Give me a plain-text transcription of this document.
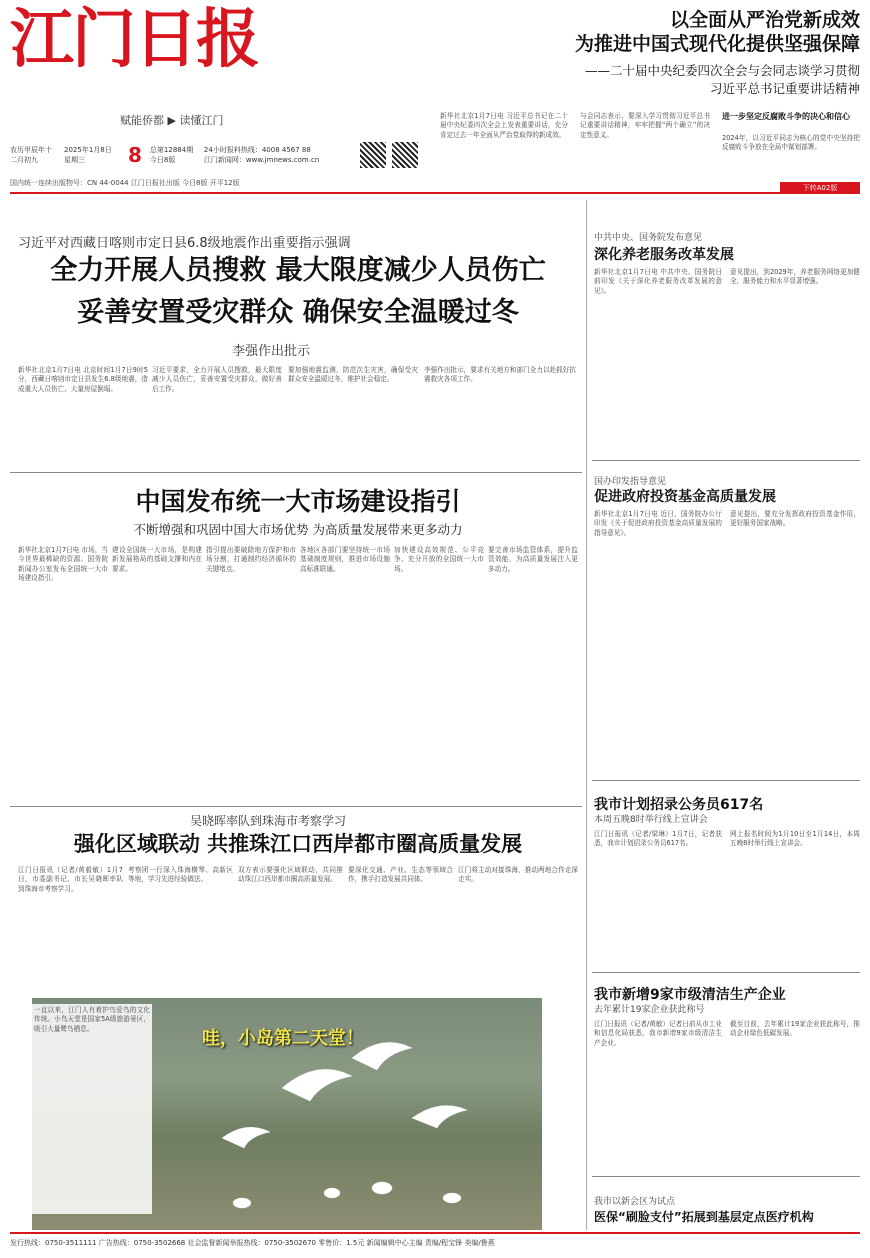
江门日报
赋能侨都 ▶ 读懂江门
农历甲辰年十二月初九
2025年1月8日
星期三	8 总第12884期
今日8版
24小时报料热线：4008 4567 88
江门新闻网：www.jmnews.com.cn
国内统一连续出版物号：CN 44-0044 江门日报社出版 今日8版 开平12版
以全面从严治党新成效
为推进中国式现代化提供坚强保障
——二十届中央纪委四次全会与会同志谈学习贯彻
习近平总书记重要讲话精神
新华社北京1月7日电 习近平总书记在二十届中央纪委四次全会上发表重要讲话，充分肯定过去一年全面从严治党取得的新成效。
与会同志表示，要深入学习贯彻习近平总书记重要讲话精神，牢牢把握“两个确立”的决定性意义。
进一步坚定反腐败斗争的决心和信心
2024年，以习近平同志为核心的党中央坚持把反腐败斗争放在全局中谋划部署。
下转A02版
习近平对西藏日喀则市定日县6.8级地震作出重要指示强调
全力开展人员搜救 最大限度减少人员伤亡
妥善安置受灾群众 确保安全温暖过冬
李强作出批示
新华社北京1月7日电 北京时间1月7日9时5分，西藏日喀则市定日县发生6.8级地震，造成重大人员伤亡、大量房屋倒塌。
习近平要求，全力开展人员搜救，最大限度减少人员伤亡，妥善安置受灾群众，做好善后工作。
要加强地震监测，防范次生灾害，确保受灾群众安全温暖过冬，维护社会稳定。
李强作出批示，要求有关地方和部门全力以赴抓好抗震救灾各项工作。
中国发布统一大市场建设指引
不断增强和巩固中国大市场优势 为高质量发展带来更多动力
新华社北京1月7日电 市场，当今世界最稀缺的资源。国务院新闻办公室发布全国统一大市场建设指引。
建设全国统一大市场，是构建新发展格局的基础支撑和内在要求。
指引提出要破除地方保护和市场分割，打通制约经济循环的关键堵点。
各地区各部门要坚持统一市场基础制度规则，推进市场设施高标准联通。
加快建设高效规范、公平竞争、充分开放的全国统一大市场。
要完善市场监管体系，提升监管效能，为高质量发展注入更多动力。
吴晓晖率队到珠海市考察学习
强化区域联动 共推珠江口西岸都市圈高质量发展
江门日报讯（记者/黄毅敏）1月7日，市委副书记、市长吴晓晖率队到珠海市考察学习。
考察团一行深入珠海横琴、高新区等地，学习先进经验做法。
双方表示要强化区域联动，共同推动珠江口西岸都市圈高质量发展。
要深化交通、产业、生态等领域合作，携手打造发展共同体。
江门将主动对接珠海，推动两地合作走深走实。
一直以来，江门人有着护鸟爱鸟的文化传统。小鸟天堂是国家5A级旅游景区，吸引大量鹭鸟栖息。	哇，小岛第二天堂！
中共中央、国务院发布意见
深化养老服务改革发展
新华社北京1月7日电 中共中央、国务院日前印发《关于深化养老服务改革发展的意见》。
意见提出，到2029年，养老服务网络更加健全，服务能力和水平显著增强。
国办印发指导意见
促进政府投资基金高质量发展
新华社北京1月7日电 近日，国务院办公厅印发《关于促进政府投资基金高质量发展的指导意见》。
意见提出，要充分发挥政府投资基金作用，更好服务国家战略。
我市计划招录公务员617名
本周五晚8时举行线上宣讲会
江门日报讯（记者/梁琳）1月7日，记者获悉，我市计划招录公务员617名。
网上报名时间为1月10日至1月14日，本周五晚8时举行线上宣讲会。
我市新增9家市级清洁生产企业
去年累计19家企业获此称号
江门日报讯（记者/黄敏）记者日前从市工业和信息化局获悉，我市新增9家市级清洁生产企业。
截至目前，去年累计19家企业获此称号，推动企业绿色低碳发展。
我市以新会区为试点
医保“刷脸支付”拓展到基层定点医疗机构
发行热线：0750-3511111 广告热线：0750-3502668 社会监督新闻举报热线：0750-3502670 零售价：1.5元 新闻编辑中心主编 责编/程宝锋 美编/鲁燕
